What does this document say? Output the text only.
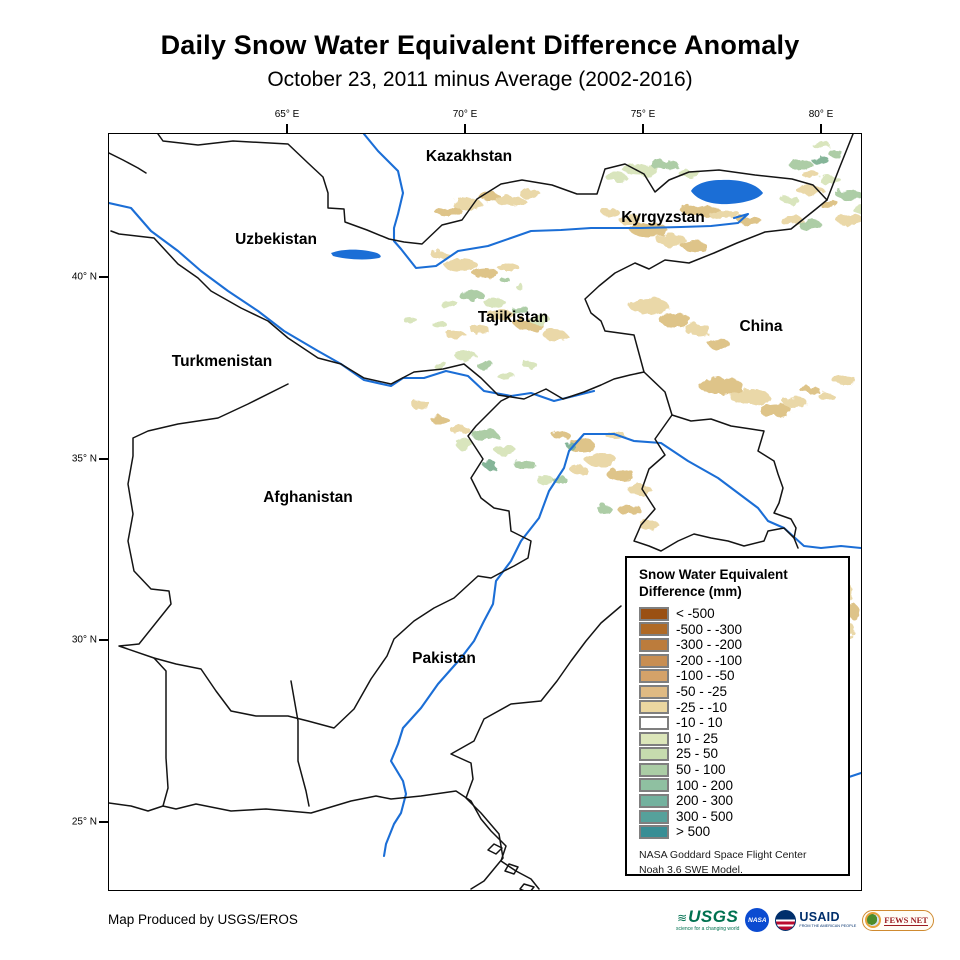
Daily Snow Water Equivalent Difference Anomaly
October 23, 2011 minus Average (2002-2016)
65° E	70° E	75° E	80° E
40° N
35° N
30° N
25° N
Kazakhstan
Uzbekistan
Kyrgyzstan
Turkmenistan
Tajikistan
China
Afghanistan
Pakistan
Snow Water Equivalent
Difference (mm)
< -500
-500 - -300
-300 - -200
-200 - -100
-100 - -50
-50 - -25
-25 - -10
-10 - 10
10 - 25
25 - 50
50 - 100
100 - 200
200 - 300
300 - 500
> 500
NASA Goddard Space Flight Center
Noah 3.6 SWE Model.
Map Produced by USGS/EROS	≋USGS
science for a changing world
NASA	USAID
FROM THE AMERICAN PEOPLE
FEWS NET
